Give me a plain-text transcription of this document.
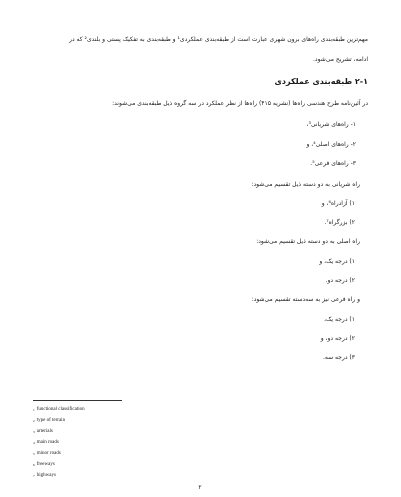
مهم‌ترین طبقه‌بندی راه‌های برون شهری عبارت است از طبقه‌بندی عملکردی¹ و طبقه‌بندی به تفکیک پستی و بلندی² که در
ادامه، تشریح می‌شود.
۲-۱ طبقه‌بندی عملکردی
در آئین‌نامه طرح هندسی راه‌ها (نشریه ۴۱۵) راه‌ها از نظر عملکرد در سه گروه ذیل طبقه‌بندی می‌شوند:
۱- راه‌های شریانی³،
۲- راه‌های اصلی⁴، و
۳- راه‌های فرعی⁵.
راه شریانی به دو دسته ذیل تقسیم می‌شود:
۱) آزادراه⁶، و
۲) بزرگراه⁷.
راه اصلی به دو دسته ذیل تقسیم می‌شود:
۱) درجه یک، و
۲) درجه دو.
و راه فرعی نیز به سه‌دسته تقسیم می‌شود:
۱) درجه یک،
۲) درجه دو، و
۳) درجه سه.
$^1$ functional classification
$^2$ type of terrain
$^3$ arterials
$^4$ main roads
$^5$ minor roads
$^6$ freeways
$^7$ highways
۲
